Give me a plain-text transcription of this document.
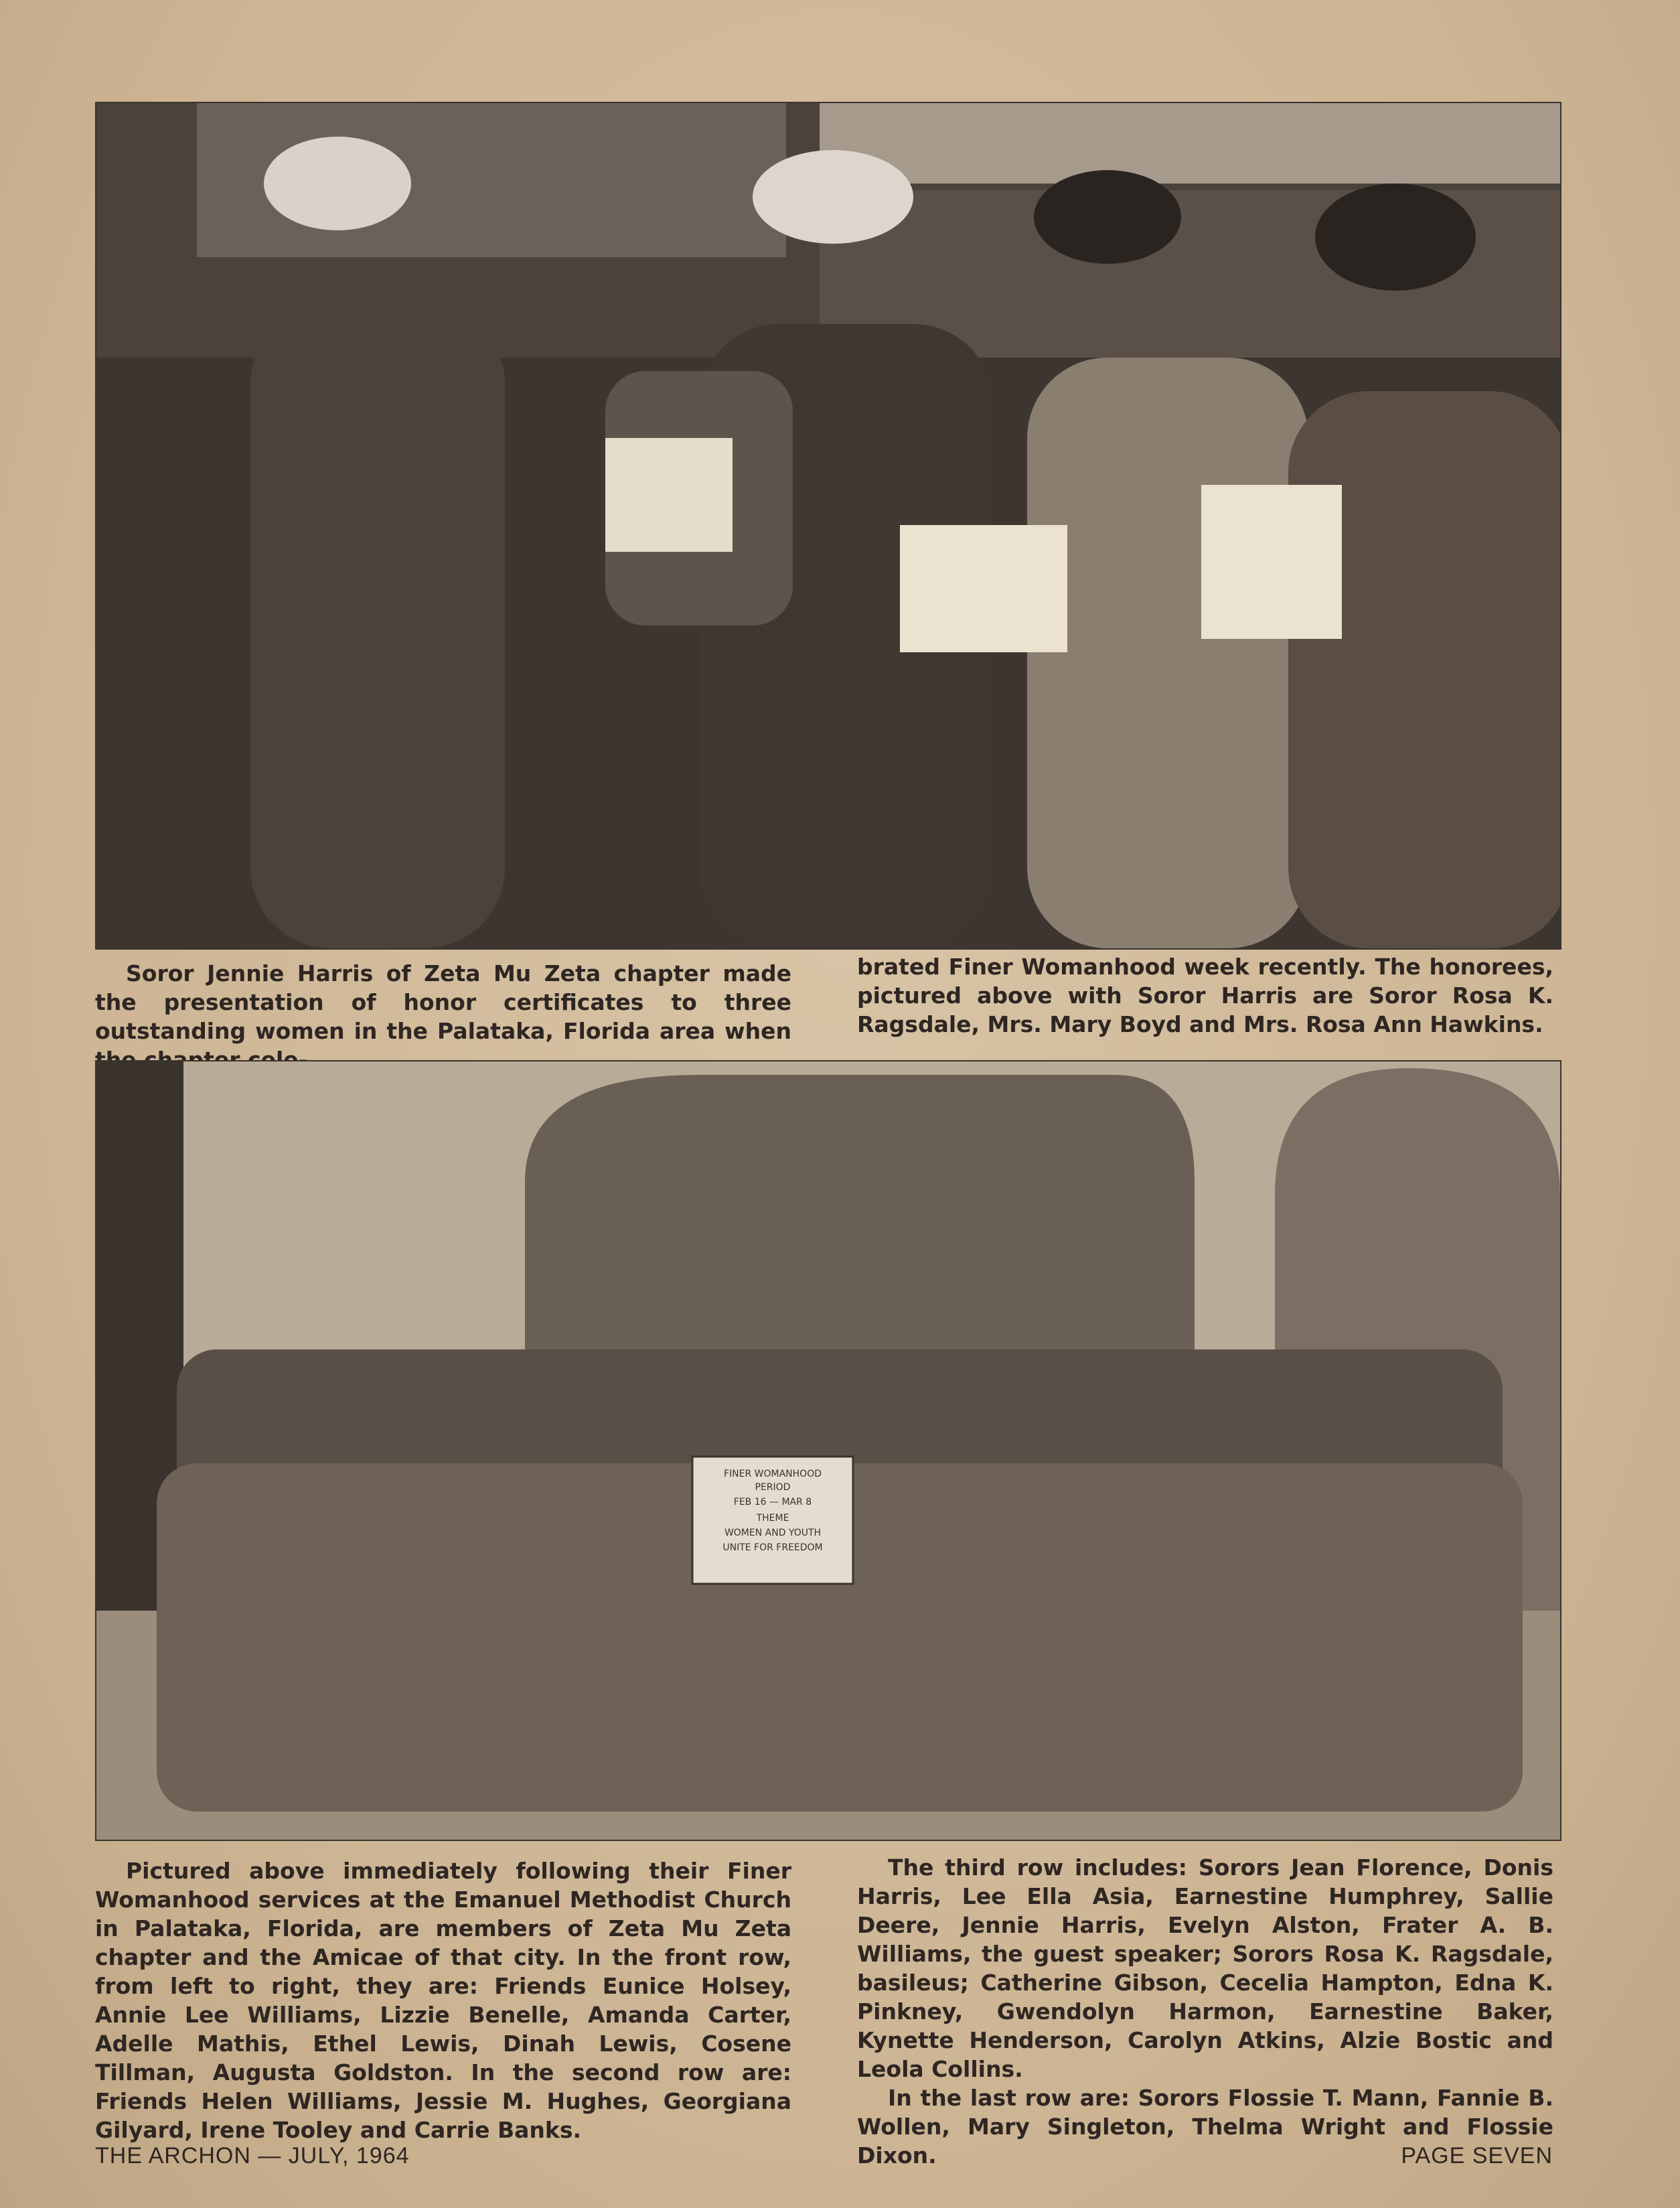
Soror Jennie Harris of Zeta Mu Zeta chapter made the presentation of honor certificates to three outstanding women in the Palataka, Florida area when

brated Finer Womanhood week recently. The honorees, pictured above with Soror Harris are Soror Rosa K. Ragsdale, Mrs. Mary Boyd and Mrs. Rosa Ann Hawkins.

FINER WOMANHOOD
PERIOD
FEB 16 — MAR 8
THEME
WOMEN AND YOUTH
UNITE FOR FREEDOM

Pictured above immediately following their Finer Womanhood services at the Emanuel Methodist Church in Palataka, Florida, are members of Zeta Mu Zeta chapter and the Amicae of that city. In the front row, from left to right, they are: Friends Eunice Holsey, Annie Lee Williams, Lizzie Benelle, Amanda Carter, Adelle Mathis, Ethel Lewis, Dinah Lewis, Cosene Tillman, Augusta Goldston. In the second row are: Friends Helen Williams, Jessie M. Hughes, Georgiana Gilyard, Irene Tooley and Carrie Banks.

The third row includes: Sorors Jean Florence, Donis Harris, Lee Ella Asia, Earnestine Humphrey, Sallie Deere, Jennie Harris, Evelyn Alston, Frater A. B. Williams, the guest speaker; Sorors Rosa K. Ragsdale, basileus; Catherine Gibson, Cecelia Hampton, Edna K. Pinkney, Gwendolyn Harmon, Earnestine Baker, Kynette Henderson, Carolyn Atkins, Alzie Bostic and Leola Collins.

In the last row are: Sorors Flossie T. Mann, Fannie B. Wollen, Mary Singleton, Thelma Wright and Flossie Dixon.

THE ARCHON — JULY, 1964	PAGE SEVEN
